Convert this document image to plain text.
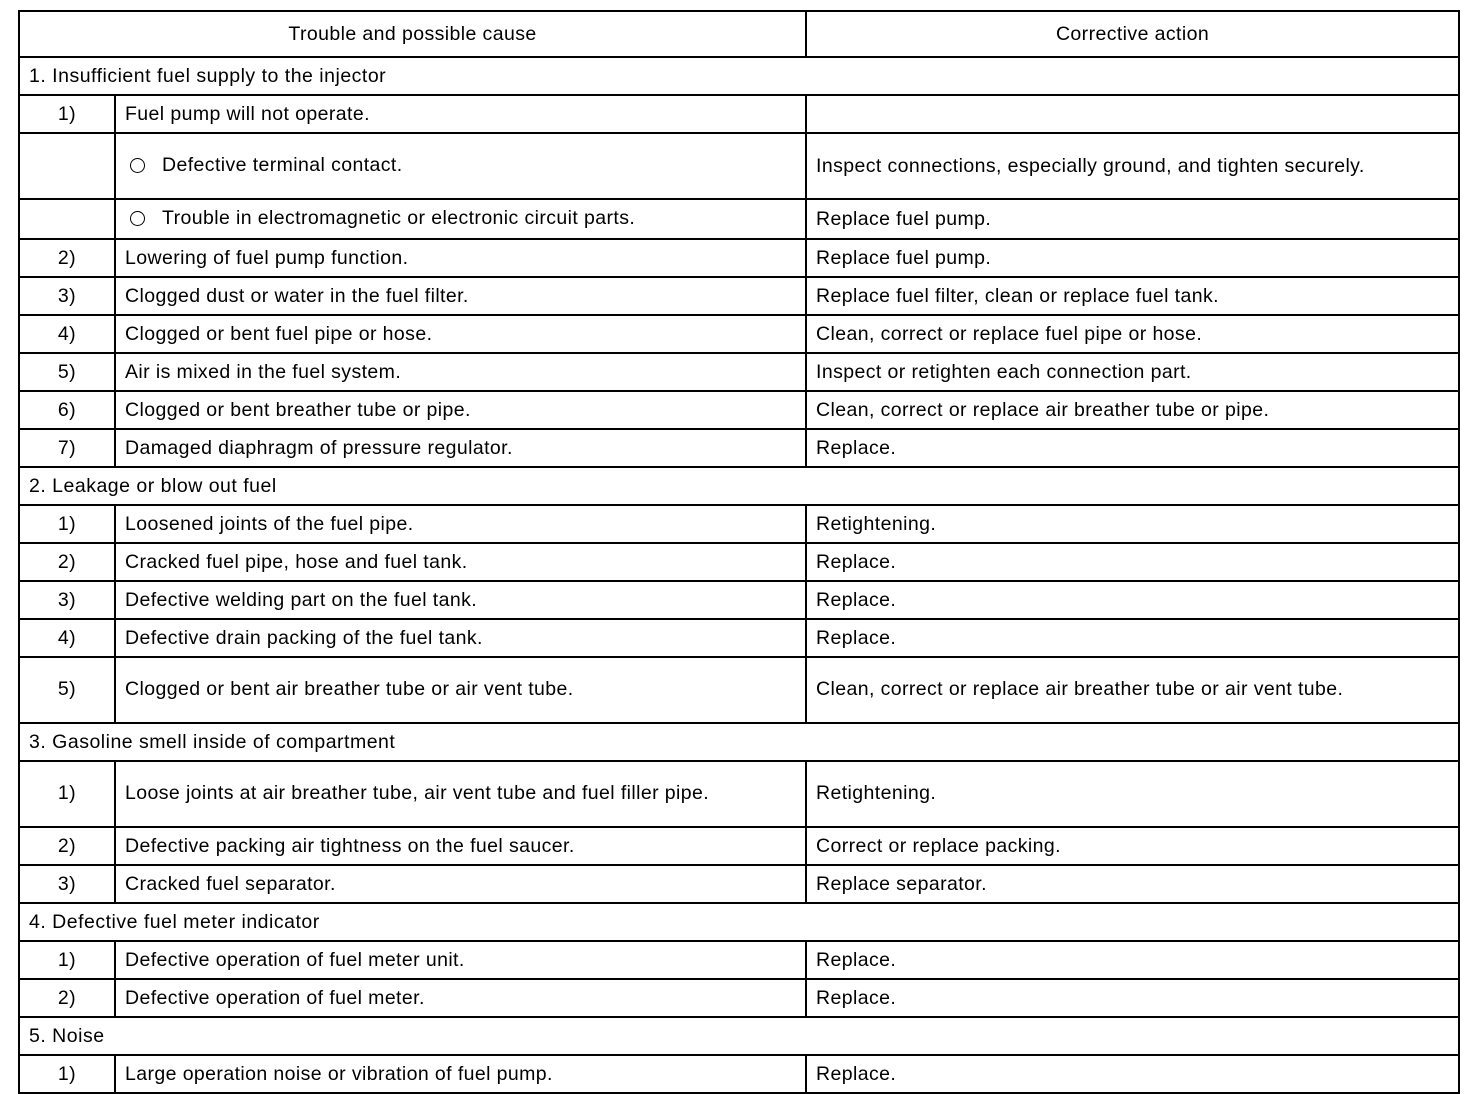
Trouble and possible cause		Corrective action
1. Insufficient fuel supply to the injector		
1)	Fuel pump will not operate.	

	Defective terminal contact.	Inspect connections, especially ground, and tighten securely.

	Trouble in electromagnetic or electronic circuit parts.	Replace fuel pump.
2)	Lowering of fuel pump function.	Replace fuel pump.
3)	Clogged dust or water in the fuel filter.	Replace fuel filter, clean or replace fuel tank.
4)	Clogged or bent fuel pipe or hose.	Clean, correct or replace fuel pipe or hose.
5)	Air is mixed in the fuel system.	Inspect or retighten each connection part.
6)	Clogged or bent breather tube or pipe.	Clean, correct or replace air breather tube or pipe.
7)	Damaged diaphragm of pressure regulator.	Replace.
2. Leakage or blow out fuel		
1)	Loosened joints of the fuel pipe.	Retightening.
2)	Cracked fuel pipe, hose and fuel tank.	Replace.
3)	Defective welding part on the fuel tank.	Replace.
4)	Defective drain packing of the fuel tank.	Replace.
5)	Clogged or bent air breather tube or air vent tube.	Clean, correct or replace air breather tube or air vent tube.
3. Gasoline smell inside of compartment		
1)	Loose joints at air breather tube, air vent tube and fuel filler pipe.	Retightening.
2)	Defective packing air tightness on the fuel saucer.	Correct or replace packing.
3)	Cracked fuel separator.	Replace separator.
4. Defective fuel meter indicator		
1)	Defective operation of fuel meter unit.	Replace.
2)	Defective operation of fuel meter.	Replace.
5. Noise		
1)	Large operation noise or vibration of fuel pump.	Replace.
